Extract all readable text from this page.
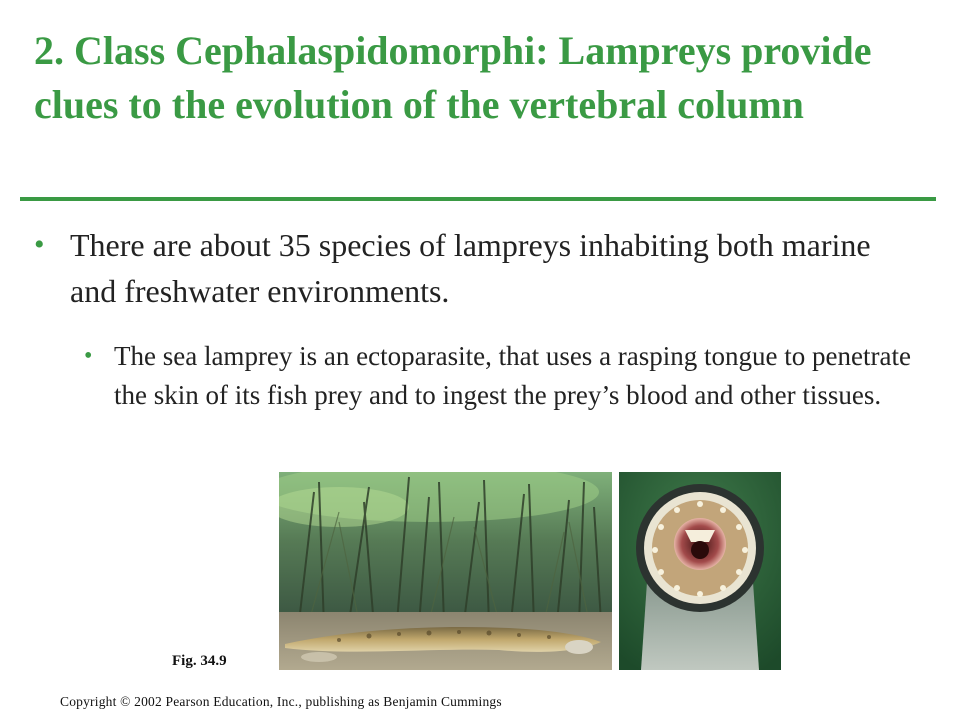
2. Class Cephalaspidomorphi: Lampreys provide clues to the evolution of the vertebral column
• There are about 35 species of lampreys inhabiting both marine and freshwater environments.
• The sea lamprey is an ectoparasite, that uses a rasping tongue to penetrate the skin of its fish prey and to ingest the prey’s blood and other tissues.
Fig. 34.9
Copyright © 2002 Pearson Education, Inc., publishing as Benjamin Cummings
